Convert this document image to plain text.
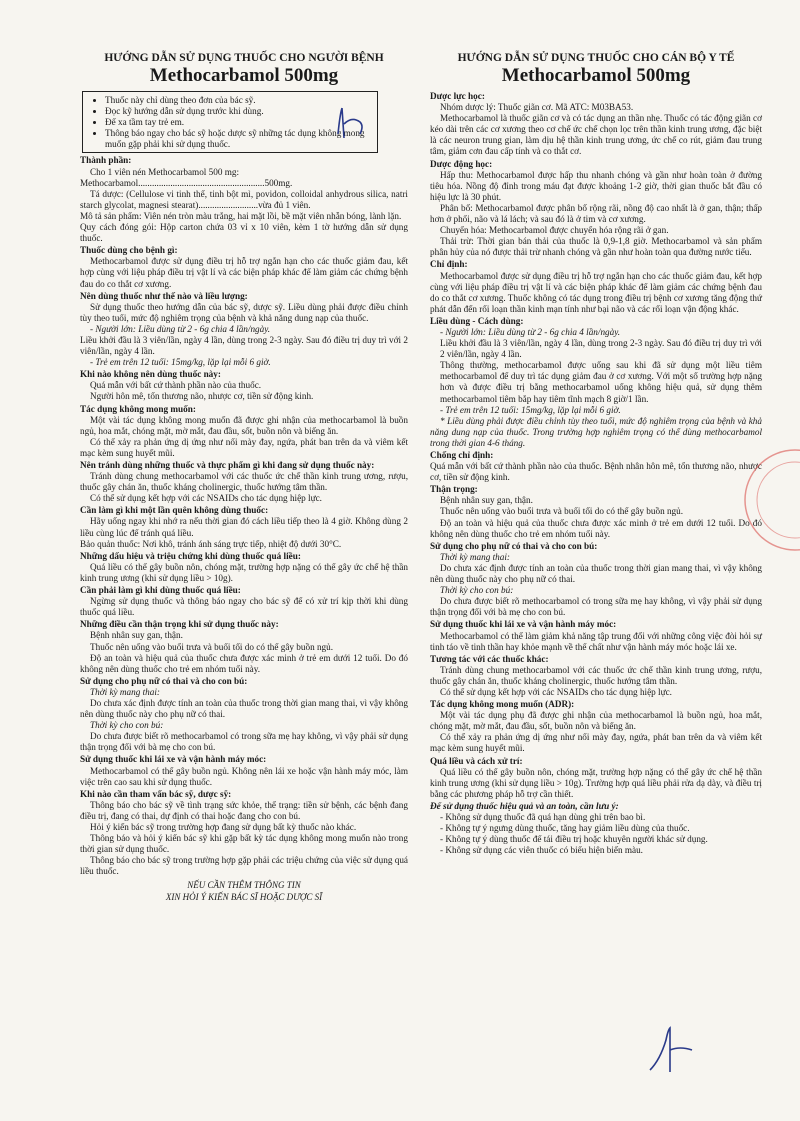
HƯỚNG DẪN SỬ DỤNG THUỐC CHO NGƯỜI BỆNH
Methocarbamol 500mg
• Thuốc này chỉ dùng theo đơn của bác sỹ.
• Đọc kỹ hướng dẫn sử dụng trước khi dùng.
• Để xa tầm tay trẻ em.
• Thông báo ngay cho bác sỹ hoặc dược sỹ những tác dụng không mong muốn gặp phải khi sử dụng thuốc.
Thành phần:

Cho 1 viên nén Methocarbamol 500 mg:

Methocarbamol.......................................................500mg.

Tá dược: (Cellulose vi tinh thể, tinh bột mì, povidon, colloidal anhydrous silica, natri starch glycolat, magnesi stearat)..........................vừa đủ 1 viên.

Mô tả sản phẩm: Viên nén tròn màu trắng, hai mặt lồi, bề mặt viên nhẵn bóng, lành lặn.

Quy cách đóng gói: Hộp carton chứa 03 vỉ x 10 viên, kèm 1 tờ hướng dẫn sử dụng thuốc.

Thuốc dùng cho bệnh gì:

Methocarbamol được sử dụng điều trị hỗ trợ ngắn hạn cho các thuốc giảm đau, kết hợp cùng với liệu pháp điều trị vật lí và các biện pháp khác để làm giảm các chứng bệnh đau do co thắt cơ xương.

Nên dùng thuốc như thế nào và liều lượng:

Sử dụng thuốc theo hướng dẫn của bác sỹ, dược sỹ. Liều dùng phải được điều chỉnh tùy theo tuổi, mức độ nghiêm trọng của bệnh và khả năng dung nạp của thuốc.

- Người lớn: Liều dùng từ 2 - 6g chia 4 lần/ngày.

Liều khởi đầu là 3 viên/lần, ngày 4 lần, dùng trong 2-3 ngày. Sau đó điều trị duy trì với 2 viên/lần, ngày 4 lần.

- Trẻ em trên 12 tuổi: 15mg/kg, lặp lại mỗi 6 giờ.

Khi nào không nên dùng thuốc này:

Quá mẫn với bất cứ thành phần nào của thuốc.

Người hôn mê, tổn thương não, nhược cơ, tiền sử động kinh.

Tác dụng không mong muốn:

Một vài tác dụng không mong muốn đã được ghi nhận của methocarbamol là buồn ngủ, hoa mắt, chóng mặt, mờ mắt, đau đầu, sốt, buồn nôn và biếng ăn.

Có thể xảy ra phản ứng dị ứng như nổi mày đay, ngứa, phát ban trên da và viêm kết mạc kèm sung huyết mũi.

Nên tránh dùng những thuốc và thực phẩm gì khi đang sử dụng thuốc này:

Tránh dùng chung methocarbamol với các thuốc ức chế thần kinh trung ương, rượu, thuốc gây chán ăn, thuốc kháng cholinergic, thuốc hướng tâm thần.

Có thể sử dụng kết hợp với các NSAIDs cho tác dụng hiệp lực.

Cần làm gì khi một lần quên không dùng thuốc:

Hãy uống ngay khi nhớ ra nếu thời gian đó cách liều tiếp theo là 4 giờ. Không dùng 2 liều cùng lúc để tránh quá liều.

Bảo quản thuốc: Nơi khô, tránh ánh sáng trực tiếp, nhiệt độ dưới 30°C.

Những dấu hiệu và triệu chứng khi dùng thuốc quá liều:

Quá liều có thể gây buồn nôn, chóng mặt, trường hợp nặng có thể gây ức chế hệ thần kinh trung ương (khi sử dụng liều > 10g).

Cần phải làm gì khi dùng thuốc quá liều:

Ngừng sử dụng thuốc và thông báo ngay cho bác sỹ để có xử trí kịp thời khi dùng thuốc quá liều.

Những điều cần thận trọng khi sử dụng thuốc này:

Bệnh nhân suy gan, thận.

Thuốc nên uống vào buổi trưa và buổi tối do có thể gây buồn ngủ.

Độ an toàn và hiệu quả của thuốc chưa được xác minh ở trẻ em dưới 12 tuổi. Do đó không nên dùng thuốc cho trẻ em nhóm tuổi này.

Sử dụng cho phụ nữ có thai và cho con bú:

Thời kỳ mang thai:

Do chưa xác định được tính an toàn của thuốc trong thời gian mang thai, vì vậy không nên dùng thuốc này cho phụ nữ có thai.

Thời kỳ cho con bú:

Do chưa được biết rõ methocarbamol có trong sữa mẹ hay không, vì vậy phải sử dụng thận trọng đối với bà mẹ cho con bú.

Sử dụng thuốc khi lái xe và vận hành máy móc:

Methocarbamol có thể gây buồn ngủ. Không nên lái xe hoặc vận hành máy móc, làm việc trên cao sau khi sử dụng thuốc.

Khi nào cần tham vấn bác sỹ, dược sỹ:

Thông báo cho bác sỹ về tình trạng sức khỏe, thể trạng: tiền sử bệnh, các bệnh đang điều trị, đang có thai, dự định có thai hoặc đang cho con bú.

Hỏi ý kiến bác sỹ trong trường hợp đang sử dụng bất kỳ thuốc nào khác.

Thông báo và hỏi ý kiến bác sỹ khi gặp bất kỳ tác dụng không mong muốn nào trong thời gian sử dụng thuốc.

Thông báo cho bác sỹ trong trường hợp gặp phải các triệu chứng của việc sử dụng quá liều thuốc.

NẾU CẦN THÊM THÔNG TIN
XIN HỎI Ý KIẾN BÁC SĨ HOẶC DƯỢC SĨ
HƯỚNG DẪN SỬ DỤNG THUỐC CHO CÁN BỘ Y TẾ
Methocarbamol 500mg
Dược lực học:

Nhóm dược lý: Thuốc giãn cơ. Mã ATC: M03BA53.

Methocarbamol là thuốc giãn cơ và có tác dụng an thần nhẹ. Thuốc có tác động giãn cơ kéo dài trên các cơ xương theo cơ chế ức chế chọn lọc trên thần kinh trung ương, đặc biệt là các neuron trung gian, làm dịu hệ thần kinh trung ương, ức chế co rút, giảm đau trung tâm, giảm cơn đau cấp tính và co thắt cơ.

Dược động học:

Hấp thu: Methocarbamol được hấp thu nhanh chóng và gần như hoàn toàn ở đường tiêu hóa. Nồng độ đỉnh trong máu đạt được khoảng 1-2 giờ, thời gian thuốc bắt đầu có hiệu lực là 30 phút.

Phân bố: Methocarbamol được phân bố rộng rãi, nồng độ cao nhất là ở gan, thận; thấp hơn ở phổi, não và lá lách; và sau đó là ở tim và cơ xương.

Chuyển hóa: Methocarbamol được chuyển hóa rộng rãi ở gan.

Thải trừ: Thời gian bán thải của thuốc là 0,9-1,8 giờ. Methocarbamol và sản phẩm phân hủy của nó được thải trừ nhanh chóng và gần như hoàn toàn qua đường nước tiểu.

Chỉ định:

Methocarbamol được sử dụng điều trị hỗ trợ ngắn hạn cho các thuốc giảm đau, kết hợp cùng với liệu pháp điều trị vật lí và các biện pháp khác để làm giảm các chứng bệnh đau do co thắt cơ xương. Thuốc không có tác dụng trong điều trị bệnh cơ xương tăng động thứ phát dẫn đến rối loạn thần kinh mạn tính như bại não và các rối loạn vận động khác.

Liều dùng - Cách dùng:

- Người lớn: Liều dùng từ 2 - 6g chia 4 lần/ngày.

Liều khởi đầu là 3 viên/lần, ngày 4 lần, dùng trong 2-3 ngày. Sau đó điều trị duy trì với 2 viên/lần, ngày 4 lần.

Thông thường, methocarbamol được uống sau khi đã sử dụng một liều tiêm methocarbamol để duy trì tác dụng giảm đau ở cơ xương. Với một số trường hợp nặng hơn và được điều trị bằng methocarbamol uống không hiệu quả, sử dụng thêm methocarbamol tiêm bắp hay tiêm tĩnh mạch 8 giờ/1 lần.

- Trẻ em trên 12 tuổi: 15mg/kg, lặp lại mỗi 6 giờ.

* Liều dùng phải được điều chỉnh tùy theo tuổi, mức độ nghiêm trọng của bệnh và khả năng dung nạp của thuốc. Trong trường hợp nghiêm trọng có thể dùng methocarbamol trong thời gian 4-6 tháng.

Chống chỉ định:

Quá mẫn với bất cứ thành phần nào của thuốc. Bệnh nhân hôn mê, tổn thương não, nhược cơ, tiền sử động kinh.

Thận trọng:

Bệnh nhân suy gan, thận.

Thuốc nên uống vào buổi trưa và buổi tối do có thể gây buồn ngủ.

Độ an toàn và hiệu quả của thuốc chưa được xác minh ở trẻ em dưới 12 tuổi. Do đó không nên dùng thuốc cho trẻ em nhóm tuổi này.

Sử dụng cho phụ nữ có thai và cho con bú:

Thời kỳ mang thai:

Do chưa xác định được tính an toàn của thuốc trong thời gian mang thai, vì vậy không nên dùng thuốc này cho phụ nữ có thai.

Thời kỳ cho con bú:

Do chưa được biết rõ methocarbamol có trong sữa mẹ hay không, vì vậy phải sử dụng thận trọng đối với bà mẹ cho con bú.

Sử dụng thuốc khi lái xe và vận hành máy móc:

Methocarbamol có thể làm giảm khả năng tập trung đối với những công việc đòi hỏi sự tinh táo về tinh thần hay khỏe mạnh về thể chất như vận hành máy móc hoặc lái xe.

Tương tác với các thuốc khác:

Tránh dùng chung methocarbamol với các thuốc ức chế thần kinh trung ương, rượu, thuốc gây chán ăn, thuốc kháng cholinergic, thuốc hướng tâm thần.

Có thể sử dụng kết hợp với các NSAIDs cho tác dụng hiệp lực.

Tác dụng không mong muốn (ADR):

Một vài tác dụng phụ đã được ghi nhận của methocarbamol là buồn ngủ, hoa mắt, chóng mặt, mờ mắt, đau đầu, sốt, buồn nôn và biếng ăn.

Có thể xảy ra phản ứng dị ứng như nổi mày đay, ngứa, phát ban trên da và viêm kết mạc kèm sung huyết mũi.

Quá liều và cách xử trí:

Quá liều có thể gây buồn nôn, chóng mặt, trường hợp nặng có thể gây ức chế hệ thần kinh trung ương (khi sử dụng liều > 10g). Trường hợp quá liều phải rửa dạ dày, và điều trị bằng các phương pháp hỗ trợ cần thiết.

Để sử dụng thuốc hiệu quả và an toàn, cần lưu ý:
- Không sử dụng thuốc đã quá hạn dùng ghi trên bao bì.
- Không tự ý ngưng dùng thuốc, tăng hay giảm liều dùng của thuốc.
- Không tự ý dùng thuốc để tái điều trị hoặc khuyên người khác sử dụng.
- Không sử dụng các viên thuốc có biểu hiện biến màu.
